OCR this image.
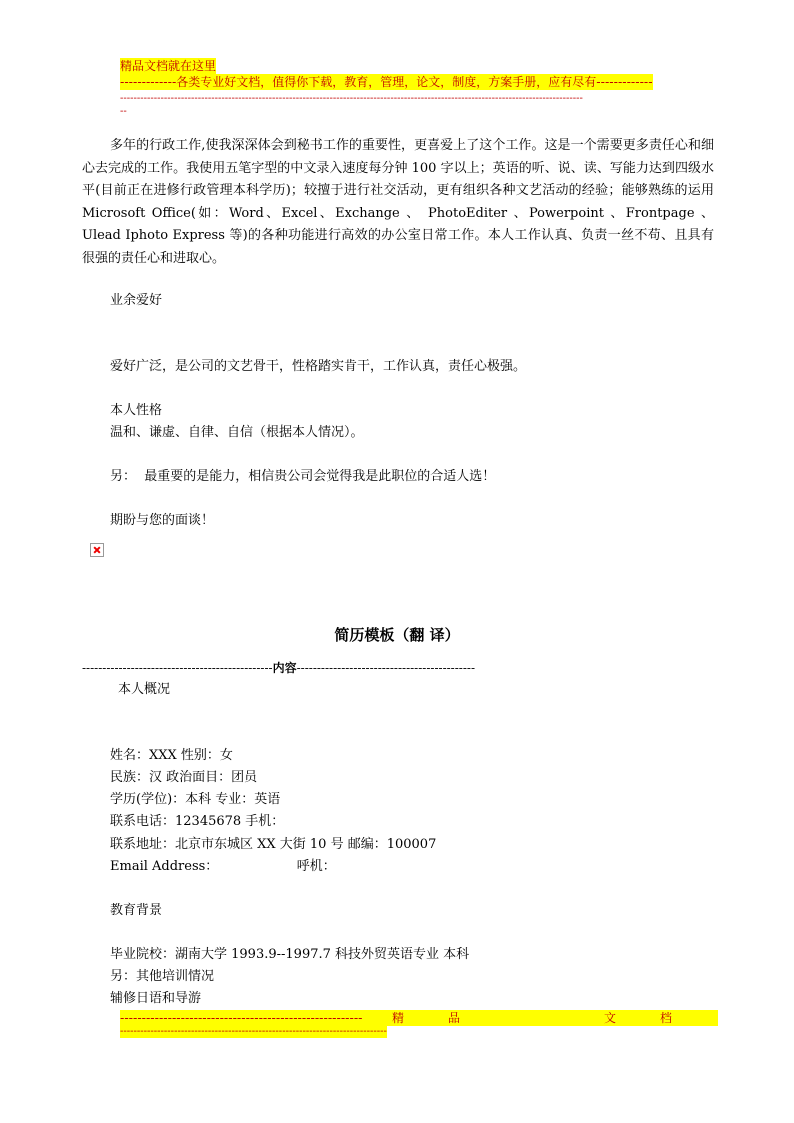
精品文档就在这里
-------------各类专业好文档，值得你下载，教育，管理，论文，制度，方案手册，应有尽有-------------
-----------------------------------------------------------------------------------------------------------------------------------------
--
多年的行政工作,使我深深体会到秘书工作的重要性，更喜爱上了这个工作。这是一个需要更多责任心和细心去完成的工作。我使用五笔字型的中文录入速度每分钟 100 字以上；英语的听、说、读、写能力达到四级水平(目前正在进修行政管理本科学历)；较擅于进行社交活动，更有组织各种文艺活动的经验；能够熟练的运用 Microsoft Office(如：Word、Excel、Exchange 、 PhotoEditer 、Powerpoint 、Frontpage 、Ulead Iphoto Express 等)的各种功能进行高效的办公室日常工作。本人工作认真、负责一丝不苟、且具有很强的责任心和进取心。
业余爱好
爱好广泛，是公司的文艺骨干，性格踏实肯干，工作认真，责任心极强。
本人性格
温和、谦虚、自律、自信（根据本人情况）。
另：  最重要的是能力，相信贵公司会觉得我是此职位的合适人选！
期盼与您的面谈！
简历模板（翻 译）
-----------------------------------------------内容--------------------------------------------
本人概况
姓名：XXX 性别：女
民族：汉 政治面目：团员
学历(学位)：本科 专业：英语
联系电话：12345678 手机：
联系地址：北京市东城区 XX 大街 10 号 邮编：100007
Email Address：                   呼机：
教育背景
毕业院校：湖南大学 1993.9--1997.7 科技外贸英语专业 本科
另：其他培训情况
辅修日语和导游
-------------------------------------------------------- 精	品	文	档
-------------------------------------------------------------------------------
